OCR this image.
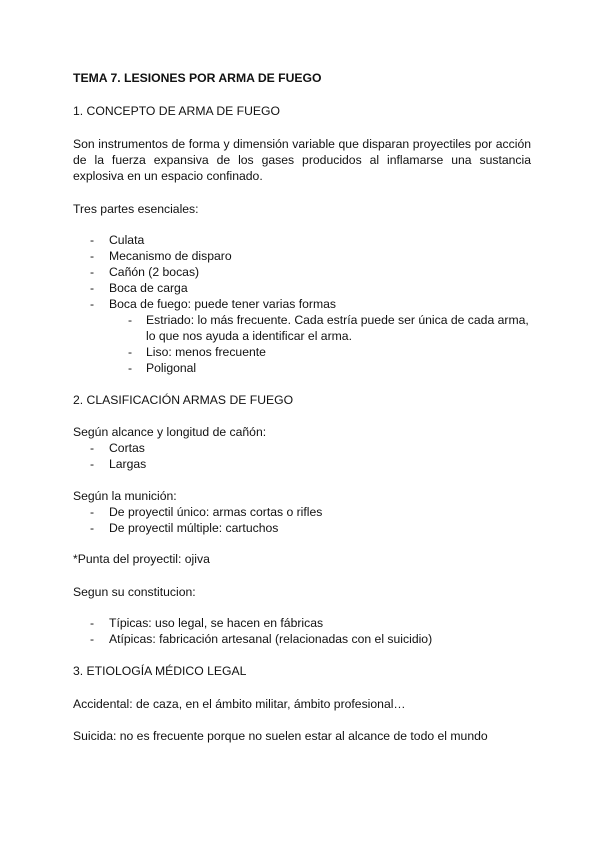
TEMA 7. LESIONES POR ARMA DE FUEGO
1. CONCEPTO DE ARMA DE FUEGO
Son instrumentos de forma y dimensión variable que disparan proyectiles por acción
de la fuerza expansiva de los gases producidos al inflamarse una sustancia
explosiva en un espacio confinado.
Tres partes esenciales:
- Culata
- Mecanismo de disparo
- Cañón (2 bocas)
- Boca de carga
- Boca de fuego: puede tener varias formas
- Estriado: lo más frecuente. Cada estría puede ser única de cada arma,
lo que nos ayuda a identificar el arma.
- Liso: menos frecuente
- Poligonal
2. CLASIFICACIÓN ARMAS DE FUEGO
Según alcance y longitud de cañón:
- Cortas
- Largas
Según la munición:
- De proyectil único: armas cortas o rifles
- De proyectil múltiple: cartuchos
*Punta del proyectil: ojiva
Segun su constitucion:
- Típicas: uso legal, se hacen en fábricas
- Atípicas: fabricación artesanal (relacionadas con el suicidio)
3. ETIOLOGÍA MÉDICO LEGAL
Accidental: de caza, en el ámbito militar, ámbito profesional…
Suicida: no es frecuente porque no suelen estar al alcance de todo el mundo
